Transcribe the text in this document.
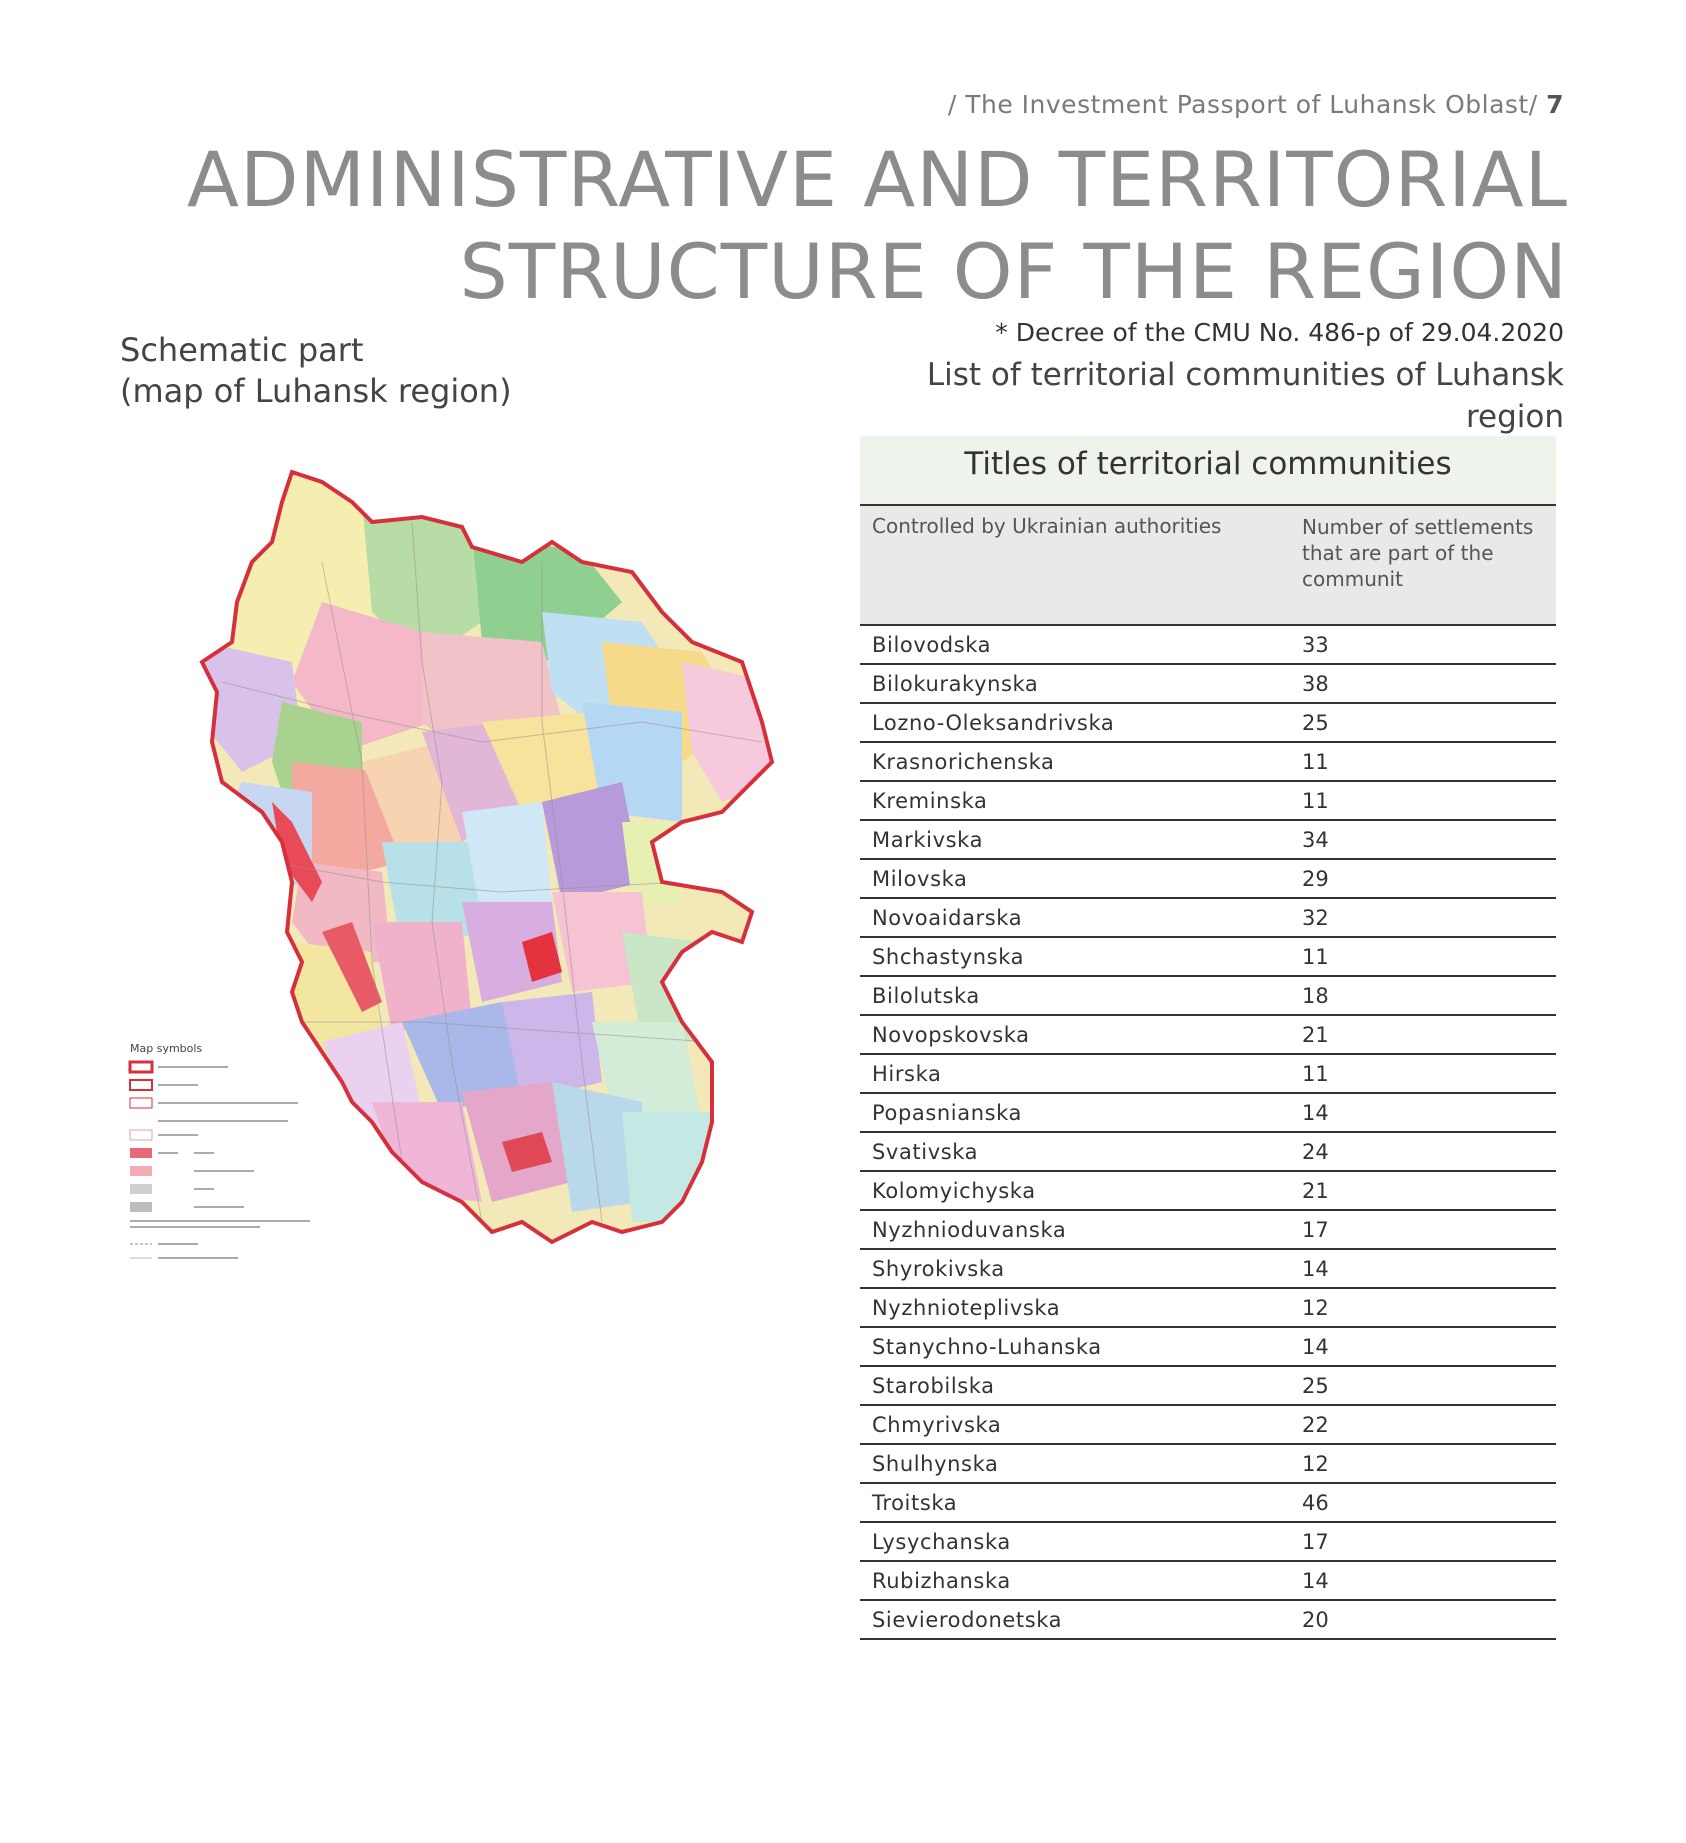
/ The Investment Passport of Luhansk Oblast/ 7
ADMINISTRATIVE AND TERRITORIAL
STRUCTURE OF THE REGION
* Decree of the CMU No. 486-p of 29.04.2020
List of territorial communities of Luhansk region
Schematic part
(map of Luhansk region)
Map symbols
Titles of territorial communities
Controlled by Ukrainian authorities	Number of settlements that are part of the communit
Bilovodska	33
Bilokurakynska	38
Lozno-Oleksandrivska	25
Krasnorichenska	11
Kreminska	11
Markivska	34
Milovska	29
Novoaidarska	32
Shchastynska	11
Bilolutska	18
Novopskovska	21
Hirska	11
Popasnianska	14
Svativska	24
Kolomyichyska	21
Nyzhnioduvanska	17
Shyrokivska	14
Nyzhnioteplivska	12
Stanychno-Luhanska	14
Starobilska	25
Chmyrivska	22
Shulhynska	12
Troitska	46
Lysychanska	17
Rubizhanska	14
Sievierodonetska	20
